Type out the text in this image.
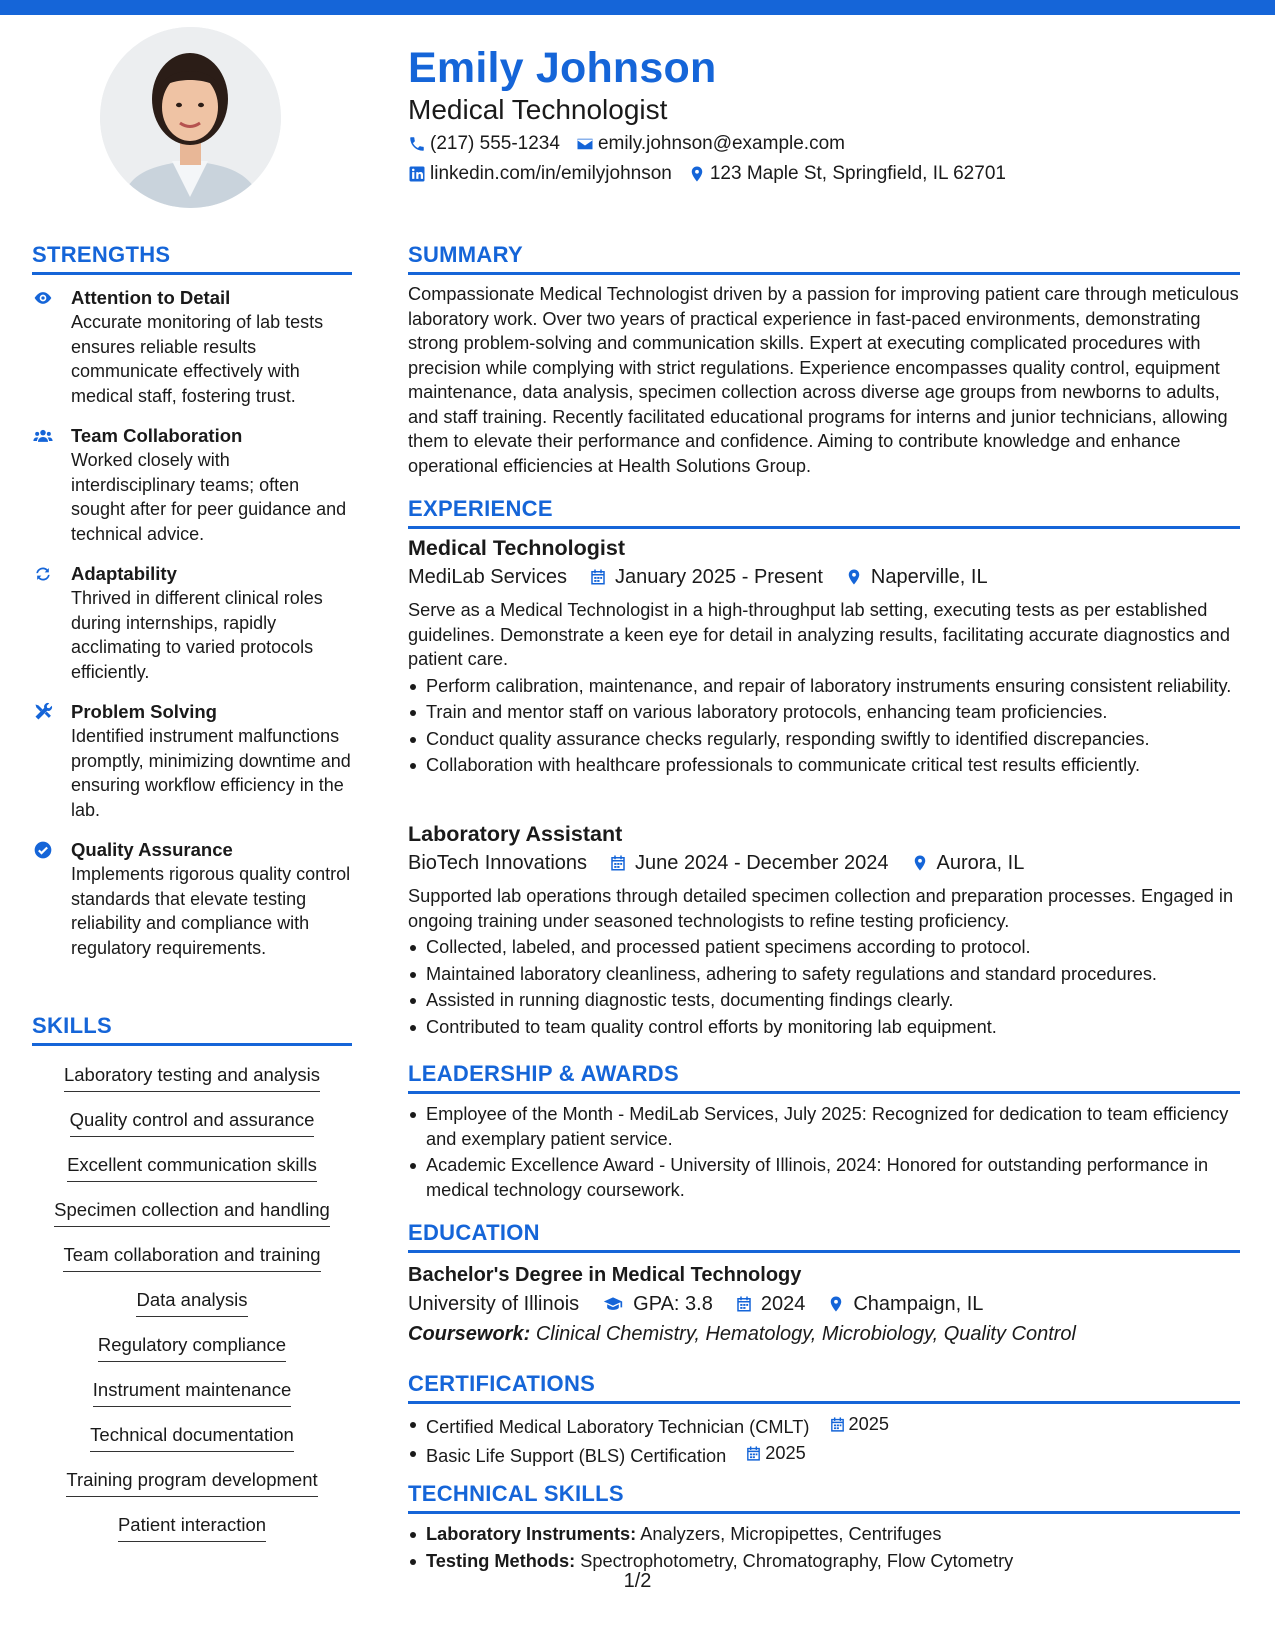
Emily Johnson
Medical Technologist
(217) 555-1234 emily.johnson@example.com
linkedin.com/in/emilyjohnson 123 Maple St, Springfield, IL 62701
STRENGTHS
Attention to Detail
Accurate monitoring of lab tests ensures reliable results communicate effectively with medical staff, fostering trust.
Team Collaboration
Worked closely with interdisciplinary teams; often sought after for peer guidance and technical advice.
Adaptability
Thrived in different clinical roles during internships, rapidly acclimating to varied protocols efficiently.
Problem Solving
Identified instrument malfunctions promptly, minimizing downtime and ensuring workflow efficiency in the lab.
Quality Assurance
Implements rigorous quality control standards that elevate testing reliability and compliance with regulatory requirements.
SKILLS
Laboratory testing and analysis
Quality control and assurance
Excellent communication skills
Specimen collection and handling
Team collaboration and training
Data analysis
Regulatory compliance
Instrument maintenance
Technical documentation
Training program development
Patient interaction
SUMMARY
Compassionate Medical Technologist driven by a passion for improving patient care through meticulous laboratory work. Over two years of practical experience in fast-paced environments, demonstrating strong problem-solving and communication skills. Expert at executing complicated procedures with precision while complying with strict regulations. Experience encompasses quality control, equipment maintenance, data analysis, specimen collection across diverse age groups from newborns to adults, and staff training. Recently facilitated educational programs for interns and junior technicians, allowing them to elevate their performance and confidence. Aiming to contribute knowledge and enhance operational efficiencies at Health Solutions Group.
EXPERIENCE
Medical Technologist
MediLab Services January 2025 - Present Naperville, IL
Serve as a Medical Technologist in a high-throughput lab setting, executing tests as per established guidelines. Demonstrate a keen eye for detail in analyzing results, facilitating accurate diagnostics and patient care.
Perform calibration, maintenance, and repair of laboratory instruments ensuring consistent reliability.
Train and mentor staff on various laboratory protocols, enhancing team proficiencies.
Conduct quality assurance checks regularly, responding swiftly to identified discrepancies.
Collaboration with healthcare professionals to communicate critical test results efficiently.
Laboratory Assistant
BioTech Innovations June 2024 - December 2024 Aurora, IL
Supported lab operations through detailed specimen collection and preparation processes. Engaged in ongoing training under seasoned technologists to refine testing proficiency.
Collected, labeled, and processed patient specimens according to protocol.
Maintained laboratory cleanliness, adhering to safety regulations and standard procedures.
Assisted in running diagnostic tests, documenting findings clearly.
Contributed to team quality control efforts by monitoring lab equipment.
LEADERSHIP & AWARDS
Employee of the Month - MediLab Services, July 2025: Recognized for dedication to team efficiency and exemplary patient service.
Academic Excellence Award - University of Illinois, 2024: Honored for outstanding performance in medical technology coursework.
EDUCATION
Bachelor's Degree in Medical Technology
University of Illinois	GPA: 3.8 2024 Champaign, IL
Coursework: Clinical Chemistry, Hematology, Microbiology, Quality Control
CERTIFICATIONS
Certified Medical Laboratory Technician (CMLT) 2025
Basic Life Support (BLS) Certification 2025
TECHNICAL SKILLS
Laboratory Instruments: Analyzers, Micropipettes, Centrifuges
Testing Methods: Spectrophotometry, Chromatography, Flow Cytometry
1/2
